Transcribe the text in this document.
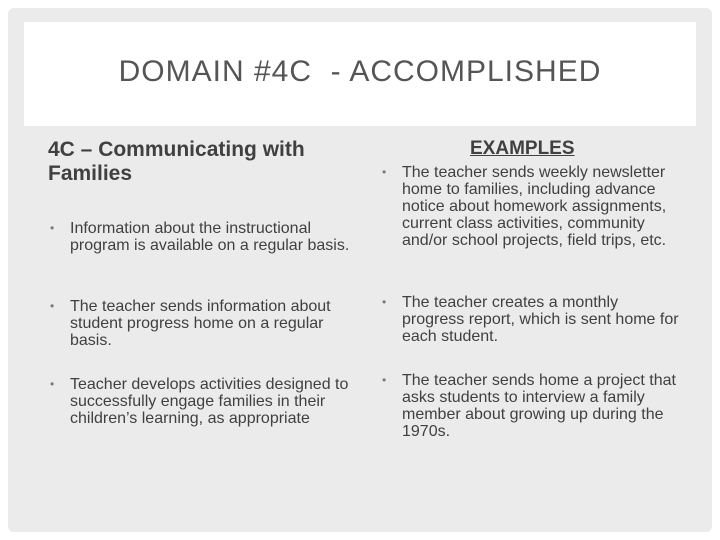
DOMAIN #4C  - ACCOMPLISHED
4C – Communicating with Families
• Information about the instructional program is available on a regular basis.
• The teacher sends information about student progress home on a regular basis.
• Teacher develops activities designed to successfully engage families in their children’s learning, as appropriate
EXAMPLES
• The teacher sends weekly newsletter home to families, including advance notice about homework assignments, current class activities, community and/or school projects, field trips, etc.
• The teacher creates a monthly progress report, which is sent home for each student.
• The teacher sends home a project that asks students to interview a family member about growing up during the 1970s.
